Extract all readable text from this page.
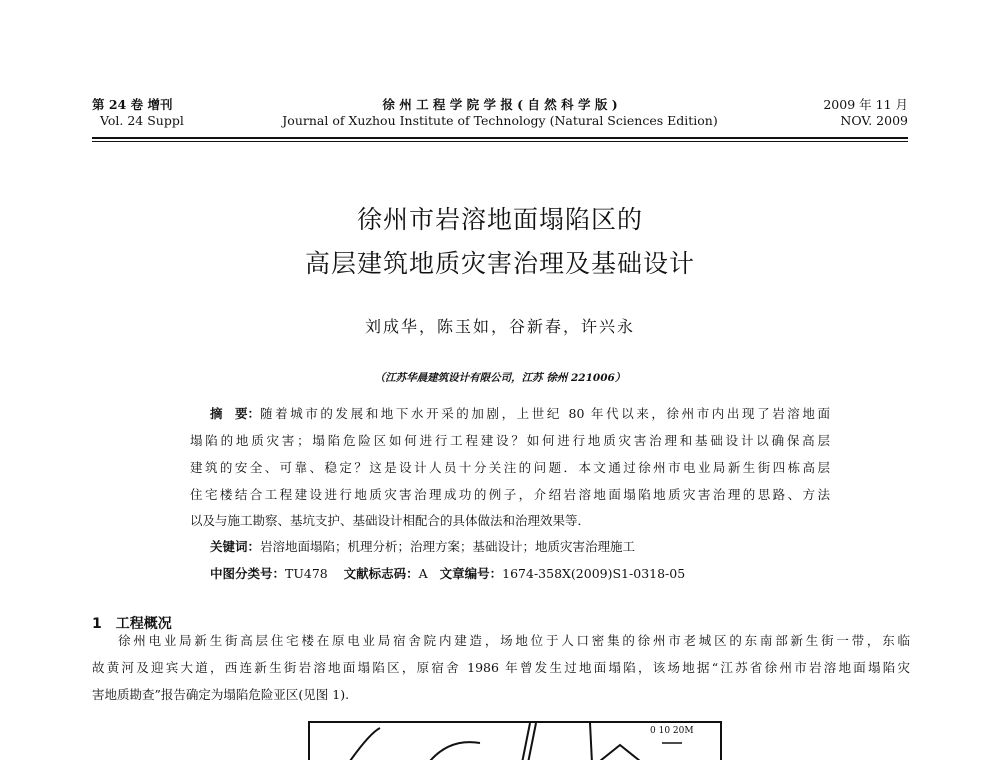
第 24 卷 增刊
Vol. 24 Suppl
徐 州 工 程 学 院 学 报 ( 自 然 科 学 版 )
Journal of Xuzhou Institute of Technology (Natural Sciences Edition)
2009 年 11 月
NOV. 2009
徐州市岩溶地面塌陷区的
高层建筑地质灾害治理及基础设计
刘成华，陈玉如，谷新春，许兴永
（江苏华晨建筑设计有限公司，江苏 徐州 221006）
摘　要： 随着城市的发展和地下水开采的加剧，上世纪 80 年代以来，徐州市内出现了岩溶地面
塌陷的地质灾害；塌陷危险区如何进行工程建设？如何进行地质灾害治理和基础设计以确保高层
建筑的安全、可靠、稳定？这是设计人员十分关注的问题．本文通过徐州市电业局新生街四栋高层
住宅楼结合工程建设进行地质灾害治理成功的例子，介绍岩溶地面塌陷地质灾害治理的思路、方法
以及与施工勘察、基坑支护、基础设计相配合的具体做法和治理效果等．
关键词：岩溶地面塌陷；机理分析；治理方案；基础设计；地质灾害治理施工
中图分类号：TU478 文献标志码：A 文章编号：1674-358X(2009)S1-0318-05
1　工程概况
徐州电业局新生街高层住宅楼在原电业局宿舍院内建造，场地位于人口密集的徐州市老城区的东南部新生街一带，东临
故黄河及迎宾大道，西连新生街岩溶地面塌陷区，原宿舍 1986 年曾发生过地面塌陷，该场地据“江苏省徐州市岩溶地面塌陷灾
害地质勘查”报告确定为塌陷危险亚区(见图 1).
0 10 20M
